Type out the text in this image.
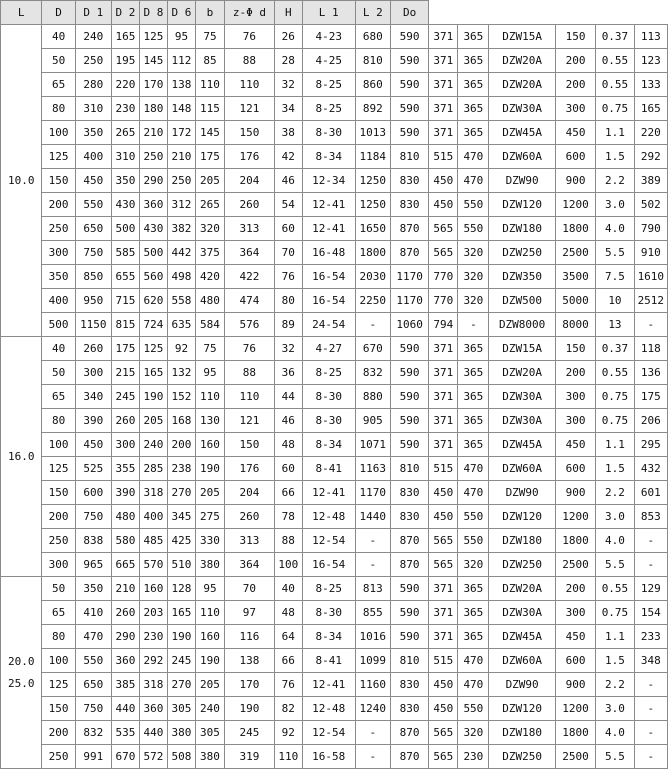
L	D	D 1	D 2	D 8	D 6	b	z-Φ d	H	L 1	L 2	Do						
10.0	40	240	165	125	95	75	76	26	4-23	680	590	371	365	DZW15A	150	0.37	113
	50	250	195	145	112	85	88	28	4-25	810	590	371	365	DZW20A	200	0.55	123
	65	280	220	170	138	110	110	32	8-25	860	590	371	365	DZW20A	200	0.55	133
	80	310	230	180	148	115	121	34	8-25	892	590	371	365	DZW30A	300	0.75	165
	100	350	265	210	172	145	150	38	8-30	1013	590	371	365	DZW45A	450	1.1	220
	125	400	310	250	210	175	176	42	8-34	1184	810	515	470	DZW60A	600	1.5	292
	150	450	350	290	250	205	204	46	12-34	1250	830	450	470	DZW90	900	2.2	389
	200	550	430	360	312	265	260	54	12-41	1250	830	450	550	DZW120	1200	3.0	502
	250	650	500	430	382	320	313	60	12-41	1650	870	565	550	DZW180	1800	4.0	790
	300	750	585	500	442	375	364	70	16-48	1800	870	565	320	DZW250	2500	5.5	910
	350	850	655	560	498	420	422	76	16-54	2030	1170	770	320	DZW350	3500	7.5	1610
	400	950	715	620	558	480	474	80	16-54	2250	1170	770	320	DZW500	5000	10	2512
	500	1150	815	724	635	584	576	89	24-54	-	1060	794	-	DZW8000	8000	13	-
16.0	40	260	175	125	92	75	76	32	4-27	670	590	371	365	DZW15A	150	0.37	118
	50	300	215	165	132	95	88	36	8-25	832	590	371	365	DZW20A	200	0.55	136
	65	340	245	190	152	110	110	44	8-30	880	590	371	365	DZW30A	300	0.75	175
	80	390	260	205	168	130	121	46	8-30	905	590	371	365	DZW30A	300	0.75	206
	100	450	300	240	200	160	150	48	8-34	1071	590	371	365	DZW45A	450	1.1	295
	125	525	355	285	238	190	176	60	8-41	1163	810	515	470	DZW60A	600	1.5	432
	150	600	390	318	270	205	204	66	12-41	1170	830	450	470	DZW90	900	2.2	601
	200	750	480	400	345	275	260	78	12-48	1440	830	450	550	DZW120	1200	3.0	853
	250	838	580	485	425	330	313	88	12-54	-	870	565	550	DZW180	1800	4.0	-
	300	965	665	570	510	380	364	100	16-54	-	870	565	320	DZW250	2500	5.5	-
20.0
25.0	50	350	210	160	128	95	70	40	8-25	813	590	371	365	DZW20A	200	0.55	129
	65	410	260	203	165	110	97	48	8-30	855	590	371	365	DZW30A	300	0.75	154
	80	470	290	230	190	160	116	64	8-34	1016	590	371	365	DZW45A	450	1.1	233
	100	550	360	292	245	190	138	66	8-41	1099	810	515	470	DZW60A	600	1.5	348
	125	650	385	318	270	205	170	76	12-41	1160	830	450	470	DZW90	900	2.2	-
	150	750	440	360	305	240	190	82	12-48	1240	830	450	550	DZW120	1200	3.0	-
	200	832	535	440	380	305	245	92	12-54	-	870	565	320	DZW180	1800	4.0	-
	250	991	670	572	508	380	319	110	16-58	-	870	565	230	DZW250	2500	5.5	-
